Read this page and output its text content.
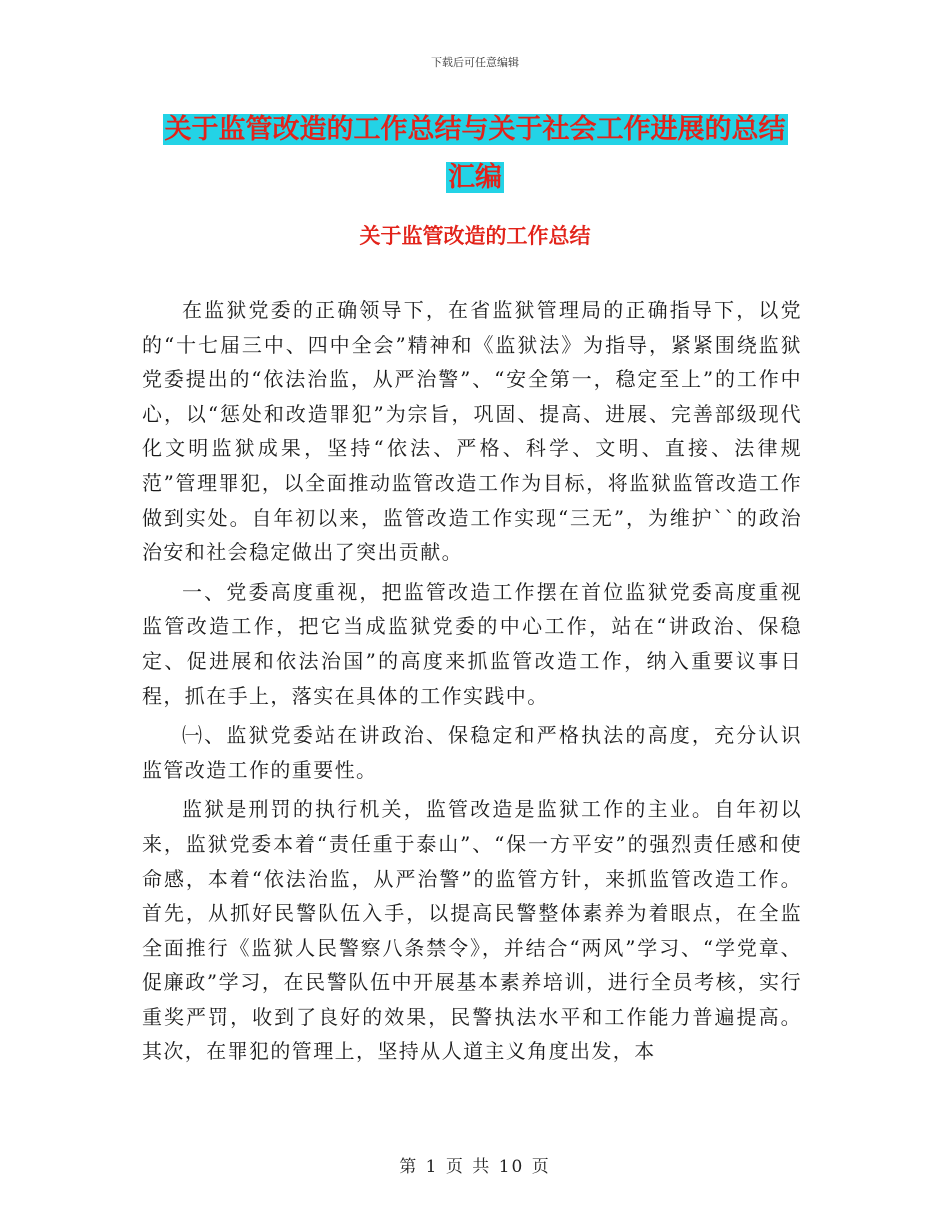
下载后可任意编辑
关于监管改造的工作总结与关于社会工作进展的总结
汇编
关于监管改造的工作总结

在监狱党委的正确领导下，在省监狱管理局的正确指导下，以党的“十七届三中、四中全会”精神和《监狱法》为指导，紧紧围绕监狱党委提出的“依法治监，从严治警”、“安全第一，稳定至上”的工作中心，以“惩处和改造罪犯”为宗旨，巩固、提高、进展、完善部级现代化文明监狱成果，坚持“依法、严格、科学、文明、直接、法律规范”管理罪犯，以全面推动监管改造工作为目标，将监狱监管改造工作做到实处。自年初以来，监管改造工作实现“三无”，为维护``的政治治安和社会稳定做出了突出贡献。

一、党委高度重视，把监管改造工作摆在首位监狱党委高度重视监管改造工作，把它当成监狱党委的中心工作，站在“讲政治、保稳定、促进展和依法治国”的高度来抓监管改造工作，纳入重要议事日程，抓在手上，落实在具体的工作实践中。

㈠、监狱党委站在讲政治、保稳定和严格执法的高度，充分认识监管改造工作的重要性。

监狱是刑罚的执行机关，监管改造是监狱工作的主业。自年初以来，监狱党委本着“责任重于泰山”、“保一方平安”的强烈责任感和使命感，本着“依法治监，从严治警”的监管方针，来抓监管改造工作。首先，从抓好民警队伍入手，以提高民警整体素养为着眼点，在全监全面推行《监狱人民警察八条禁令》，并结合“两风”学习、“学党章、促廉政”学习，在民警队伍中开展基本素养培训，进行全员考核，实行重奖严罚，收到了良好的效果，民警执法水平和工作能力普遍提高。其次，在罪犯的管理上，坚持从人道主义角度出发，本

第 1 页 共 10 页
